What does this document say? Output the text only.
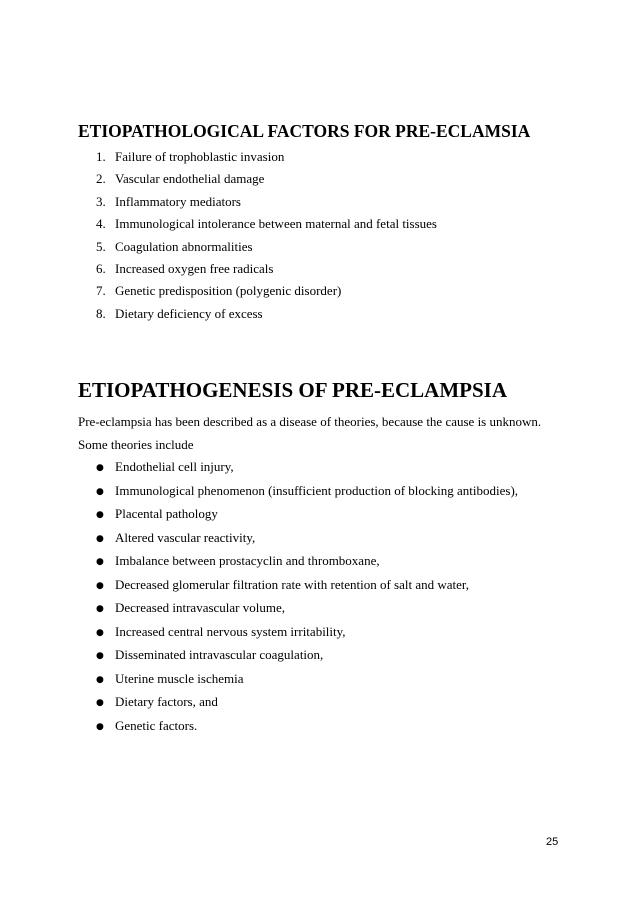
ETIOPATHOLOGICAL FACTORS FOR PRE-ECLAMSIA
1. Failure of trophoblastic invasion
2. Vascular endothelial damage
3. Inflammatory mediators
4. Immunological intolerance between maternal and fetal tissues
5. Coagulation abnormalities
6. Increased oxygen free radicals
7. Genetic predisposition (polygenic disorder)
8. Dietary deficiency of excess
ETIOPATHOGENESIS OF PRE-ECLAMPSIA

Pre-eclampsia has been described as a disease of theories, because the cause is unknown.
Some theories include

● Endothelial cell injury,
● Immunological phenomenon (insufficient production of blocking antibodies),
● Placental pathology
● Altered vascular reactivity,
● Imbalance between prostacyclin and thromboxane,
● Decreased glomerular filtration rate with retention of salt and water,
● Decreased intravascular volume,
● Increased central nervous system irritability,
● Disseminated intravascular coagulation,
● Uterine muscle ischemia
● Dietary factors, and
● Genetic factors.
25
